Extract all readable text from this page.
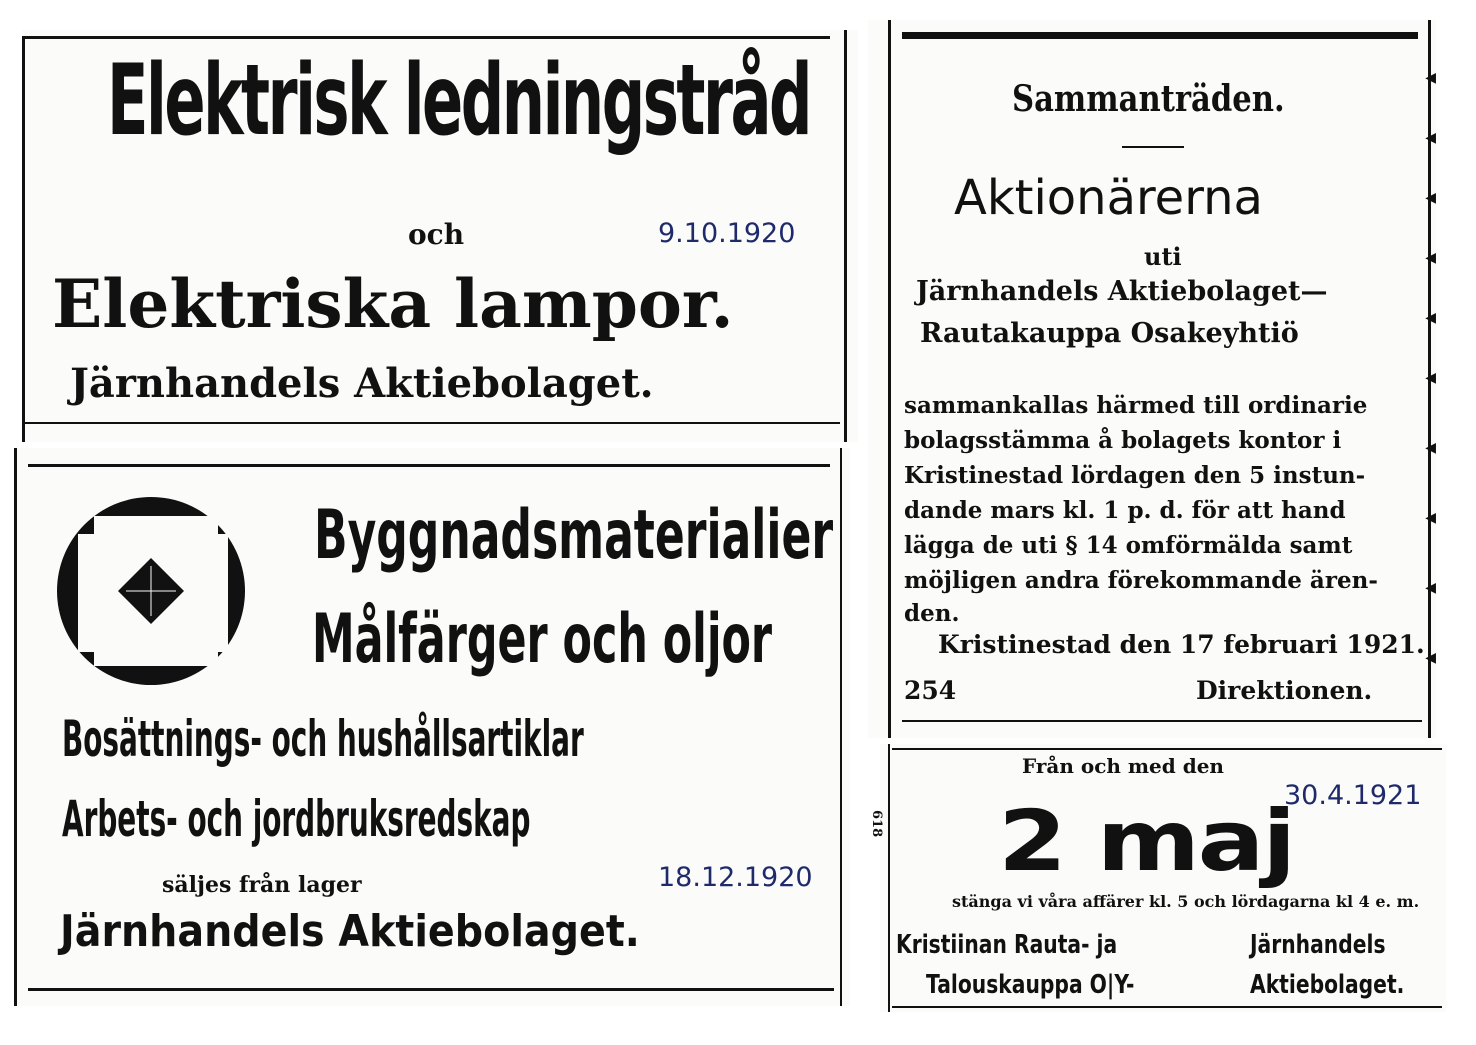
Elektrisk ledningstråd
och	9.10.1920
Elektriska lampor.
Järnhandels Aktiebolaget.
Byggnadsmaterialier
Målfärger och oljor
Bosättnings- och hushållsartiklar
Arbets- och jordbruksredskap
säljes från lager	18.12.1920
Järnhandels Aktiebolaget.
Sammanträden.
Aktionärerna
uti
Järnhandels Aktiebolaget—
Rautakauppa Osakeyhtiö
sammankallas härmed till ordinarie
bolagsstämma å bolagets kontor i
Kristinestad lördagen den 5 instun-
dande mars kl. 1 p. d. för att hand
lägga de uti § 14 omförmälda samt
möjligen andra förekommande ären-
den.
Kristinestad den 17 februari 1921.
254	Direktionen.
◀
◀
◀
◀
◀
◀
◀
◀
◀
◀
618
Från och med den
30.4.1921
2 maj
stänga vi våra affärer kl. 5 och lördagarna kl 4 e. m.
Kristiinan Rauta- ja
Talouskauppa O|Y-
Järnhandels
Aktiebolaget.
